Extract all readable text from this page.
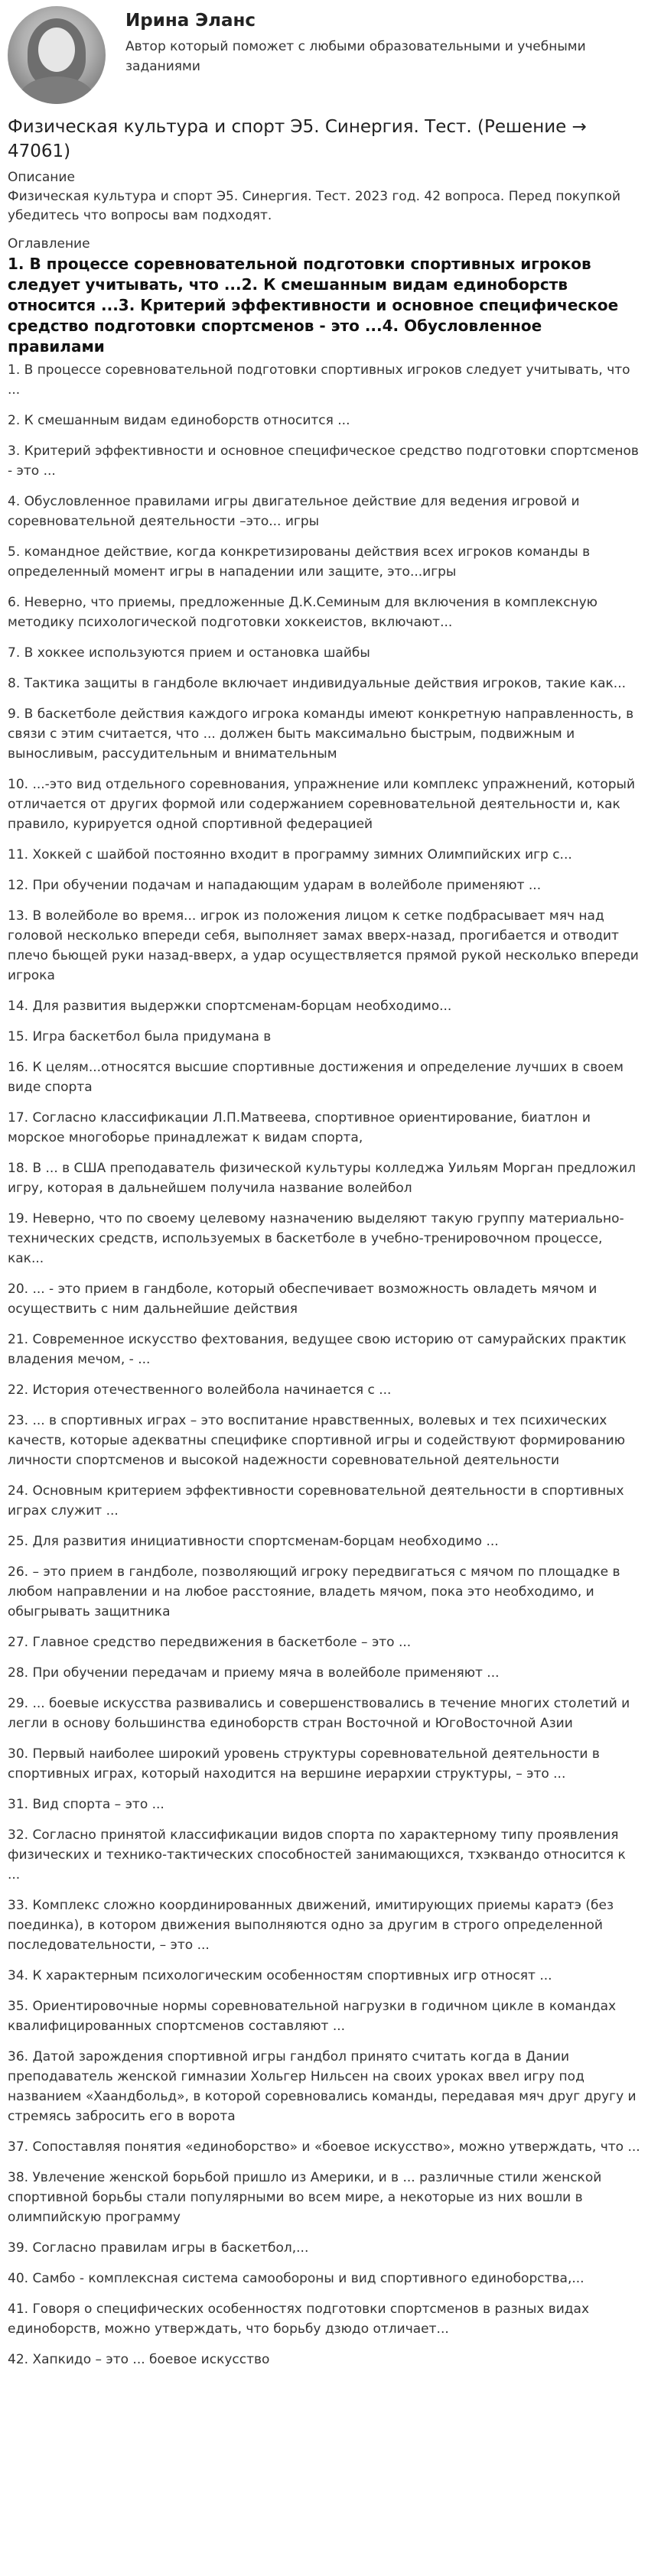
Ирина Эланс
Автор который поможет с любыми образовательными и учебными заданиями
Физическая культура и спорт Э5. Синергия. Тест. (Решение → 47061)
Описание
Физическая культура и спорт Э5. Синергия. Тест. 2023 год. 42 вопроса. Перед покупкой убедитесь что вопросы вам подходят.
Оглавление
1. В процессе соревновательной подготовки спортивных игроков следует учитывать, что ...2. К смешанным видам единоборств относится ...3. Критерий эффективности и основное специфическое средство подготовки спортсменов - это ...4. Обусловленное правилами
1. В процессе соревновательной подготовки спортивных игроков следует учитывать, что ...
2. К смешанным видам единоборств относится ...
3. Критерий эффективности и основное специфическое средство подготовки спортсменов - это ...
4. Обусловленное правилами игры двигательное действие для ведения игровой и соревновательной деятельности –это... игры
5. командное действие, когда конкретизированы действия всех игроков команды в определенный момент игры в нападении или защите, это...игры
6. Неверно, что приемы, предложенные Д.К.Семиным для включения в комплексную методику психологической подготовки хоккеистов, включают...
7. В хоккее используются прием и остановка шайбы
8. Тактика защиты в гандболе включает индивидуальные действия игроков, такие как...
9. В баскетболе действия каждого игрока команды имеют конкретную направленность, в связи с этим считается, что ... должен быть максимально быстрым, подвижным и выносливым, рассудительным и внимательным
10. ...-это вид отдельного соревнования, упражнение или комплекс упражнений, который отличается от других формой или содержанием соревновательной деятельности и, как правило, курируется одной спортивной федерацией
11. Хоккей с шайбой постоянно входит в программу зимних Олимпийских игр с...
12. При обучении подачам и нападающим ударам в волейболе применяют ...
13. В волейболе во время... игрок из положения лицом к сетке подбрасывает мяч над головой несколько впереди себя, выполняет замах вверх-назад, прогибается и отводит плечо бьющей руки назад-вверх, а удар осуществляется прямой рукой несколько впереди игрока
14. Для развития выдержки спортсменам-борцам необходимо...
15. Игра баскетбол была придумана в
16. К целям...относятся высшие спортивные достижения и определение лучших в своем виде спорта
17. Согласно классификации Л.П.Матвеева, спортивное ориентирование, биатлон и морское многоборье принадлежат к видам спорта,
18. В ... в США преподаватель физической культуры колледжа Уильям Морган предложил игру, которая в дальнейшем получила название волейбол
19. Неверно, что по своему целевому назначению выделяют такую группу материально-технических средств, используемых в баскетболе в учебно-тренировочном процессе, как...
20. ... - это прием в гандболе, который обеспечивает возможность овладеть мячом и осуществить с ним дальнейшие действия
21. Современное искусство фехтования, ведущее свою историю от самурайских практик владения мечом, - ...
22. История отечественного волейбола начинается с ...
23. ... в спортивных играх – это воспитание нравственных, волевых и тех психических качеств, которые адекватны специфике спортивной игры и содействуют формированию личности спортсменов и высокой надежности соревновательной деятельности
24. Основным критерием эффективности соревновательной деятельности в спортивных играх служит ...
25. Для развития инициативности спортсменам-борцам необходимо ...
26. – это прием в гандболе, позволяющий игроку передвигаться с мячом по площадке в любом направлении и на любое расстояние, владеть мячом, пока это необходимо, и обыгрывать защитника
27. Главное средство передвижения в баскетболе – это ...
28. При обучении передачам и приему мяча в волейболе применяют ...
29. ... боевые искусства развивались и совершенствовались в течение многих столетий и легли в основу большинства единоборств стран Восточной и ЮгоВосточной Азии
30. Первый наиболее широкий уровень структуры соревновательной деятельности в спортивных играх, который находится на вершине иерархии структуры, – это ...
31. Вид спорта – это ...
32. Согласно принятой классификации видов спорта по характерному типу проявления физических и технико-тактических способностей занимающихся, тхэквандо относится к ...
33. Комплекс сложно координированных движений, имитирующих приемы каратэ (без поединка), в котором движения выполняются одно за другим в строго определенной последовательности, – это ...
34. К характерным психологическим особенностям спортивных игр относят ...
35. Ориентировочные нормы соревновательной нагрузки в годичном цикле в командах квалифицированных спортсменов составляют ...
36. Датой зарождения спортивной игры гандбол принято считать когда в Дании преподаватель женской гимназии Хольгер Нильсен на своих уроках ввел игру под названием «Хаандбольд», в которой соревновались команды, передавая мяч друг другу и стремясь забросить его в ворота
37. Сопоставляя понятия «единоборство» и «боевое искусство», можно утверждать, что ...
38. Увлечение женской борьбой пришло из Америки, и в ... различные стили женской спортивной борьбы стали популярными во всем мире, а некоторые из них вошли в олимпийскую программу
39. Согласно правилам игры в баскетбол,...
40. Самбо - комплексная система самообороны и вид спортивного единоборства,...
41. Говоря о специфических особенностях подготовки спортсменов в разных видах единоборств, можно утверждать, что борьбу дзюдо отличает...
42. Хапкидо – это ... боевое искусство
